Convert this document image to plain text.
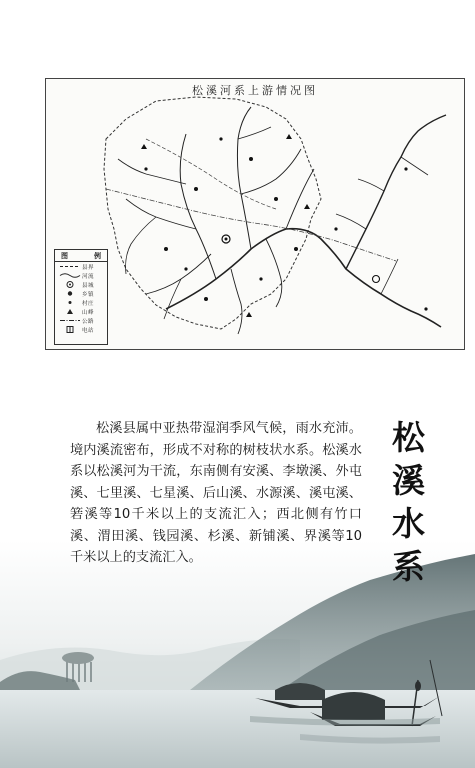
松溪河系上游情况图
图	例
县界
河流
县城
乡镇
村庄
山峰
公路
电站
松溪县属中亚热带湿润季风气候，雨水充沛。境内溪流密布，形成不对称的树枝状水系。松溪水系以松溪河为干流，东南侧有安溪、李墩溪、外屯溪、七里溪、七星溪、后山溪、水源溪、溪屯溪、箬溪等10千米以上的支流汇入；西北侧有竹口溪、渭田溪、钱园溪、杉溪、新铺溪、界溪等10千米以上的支流汇入。	松溪水系
